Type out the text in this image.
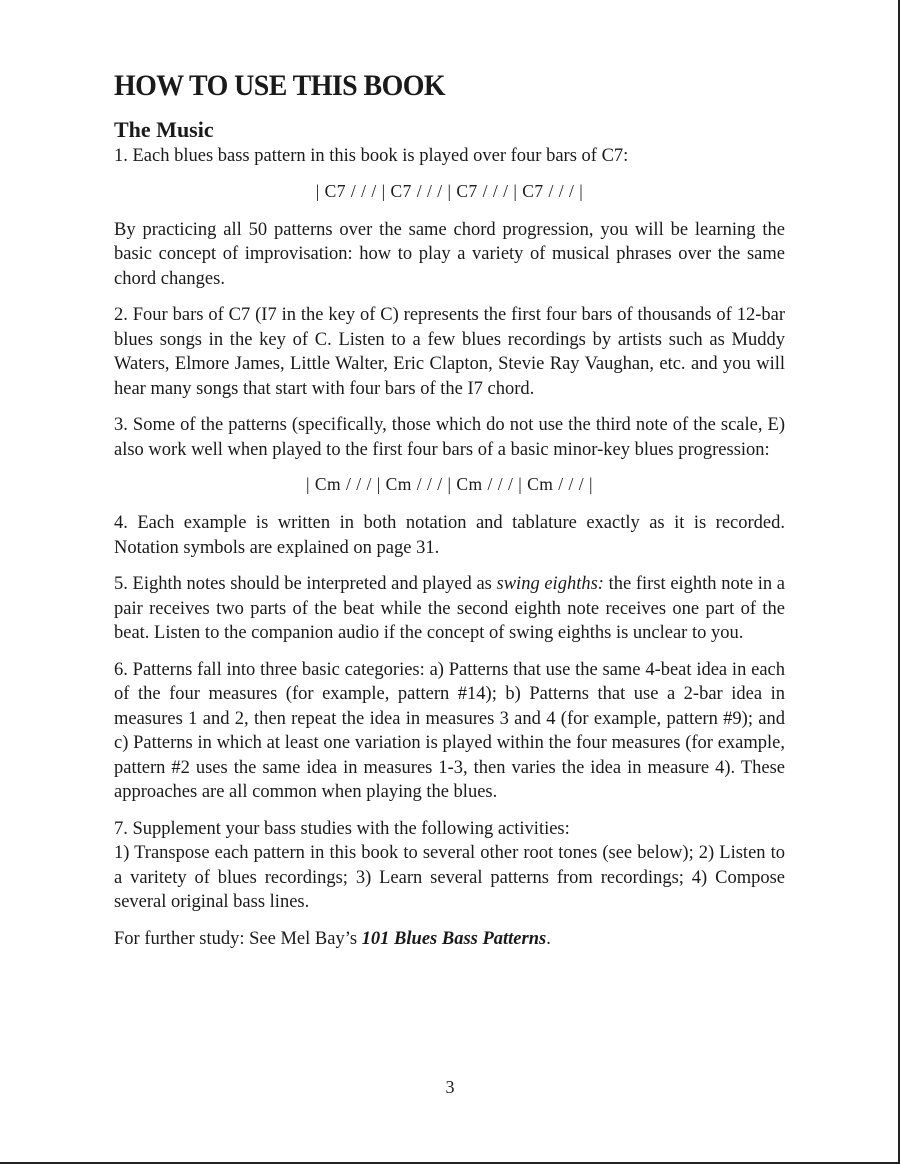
HOW TO USE THIS BOOK
The Music

1. Each blues bass pattern in this book is played over four bars of C7:

| C7 / / / | C7 / / / | C7 / / / | C7 / / / |

By practicing all 50 patterns over the same chord progression, you will be learning the basic concept of improvisation: how to play a variety of musical phrases over the same chord changes.

2. Four bars of C7 (I7 in the key of C) represents the first four bars of thousands of 12-bar blues songs in the key of C. Listen to a few blues recordings by artists such as Muddy Waters, Elmore James, Little Walter, Eric Clapton, Stevie Ray Vaughan, etc. and you will hear many songs that start with four bars of the I7 chord.

3. Some of the patterns (specifically, those which do not use the third note of the scale, E) also work well when played to the first four bars of a basic minor-key blues progression:

| Cm / / / | Cm / / / | Cm / / / | Cm / / / |

4. Each example is written in both notation and tablature exactly as it is recorded. Notation symbols are explained on page 31.

5. Eighth notes should be interpreted and played as swing eighths: the first eighth note in a pair receives two parts of the beat while the second eighth note receives one part of the beat. Listen to the companion audio if the concept of swing eighths is unclear to you.

6. Patterns fall into three basic categories: a) Patterns that use the same 4-beat idea in each of the four measures (for example, pattern #14); b) Patterns that use a 2-bar idea in measures 1 and 2, then repeat the idea in measures 3 and 4 (for example, pattern #9); and c) Patterns in which at least one variation is played within the four measures (for example, pattern #2 uses the same idea in measures 1-3, then varies the idea in measure 4). These approaches are all common when playing the blues.

7. Supplement your bass studies with the following activities:

1) Transpose each pattern in this book to several other root tones (see below); 2) Listen to a varitety of blues recordings; 3) Learn several patterns from recordings; 4) Compose several original bass lines.

For further study: See Mel Bay’s 101 Blues Bass Patterns.

3
